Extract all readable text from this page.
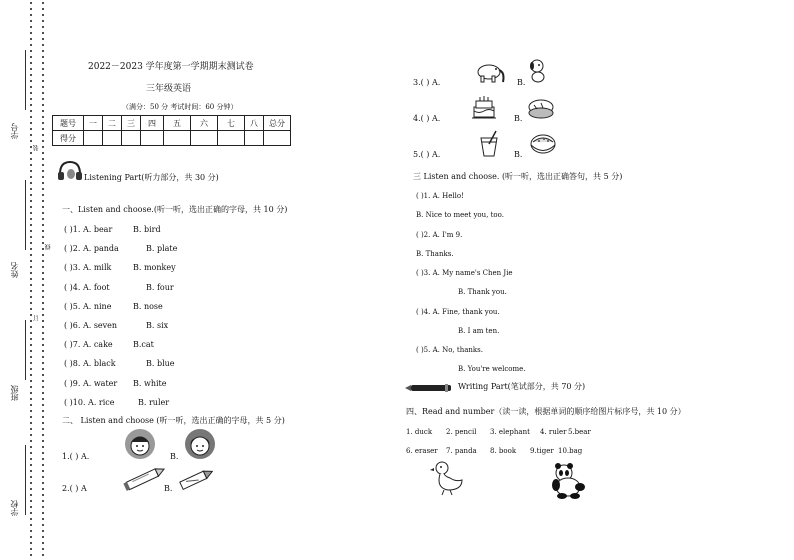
学号
姓名
班级
学校
装
订
线
2022－2023 学年度第一学期期末测试卷
三年级英语
（满分：50 分 考试时间：60 分钟）
题号	一	二	三	四	五	六	七	八	总分
得分									
Listening Part(听力部分，共 30 分)
一、Listen and choose.(听一听，选出正确的字母，共 10 分)
( )1. A. bear	B. bird
( )2. A. panda	B. plate
( )3. A. milk	B. monkey
( )4. A. foot	B. four
( )5. A. nine	B. nose
( )6. A. seven	B. six
( )7. A. cake	B.cat
( )8. A. black	B. blue
( )9. A. water B. white
( )10. A. rice	B. ruler
二、 Listen and choose (听一听，选出正确的字母，共 5 分)
1.( ) A.	B.
2.( ) A	B.
3.( ) A.	B.
4.( ) A.	B.
5.( ) A.	B.
三 Listen and choose. (听一听，选出正确答句，共 5 分)
( )1. A. Hello!
B. Nice to meet you, too.
( )2. A. I'm 9.
B. Thanks.
( )3. A. My name's Chen Jie
B. Thank you.
( )4. A. Fine, thank you.
B. I am ten.
( )5. A. No, thanks.
B. You're welcome.
Writing Part(笔试部分，共 70 分)
四、Read and number（读一读，根据单词的顺序给图片标序号，共 10 分）
1. duck 2. pencil 3. elephant 4. ruler 5.bear
6. eraser 7. panda 8. book 9.tiger 10.bag
